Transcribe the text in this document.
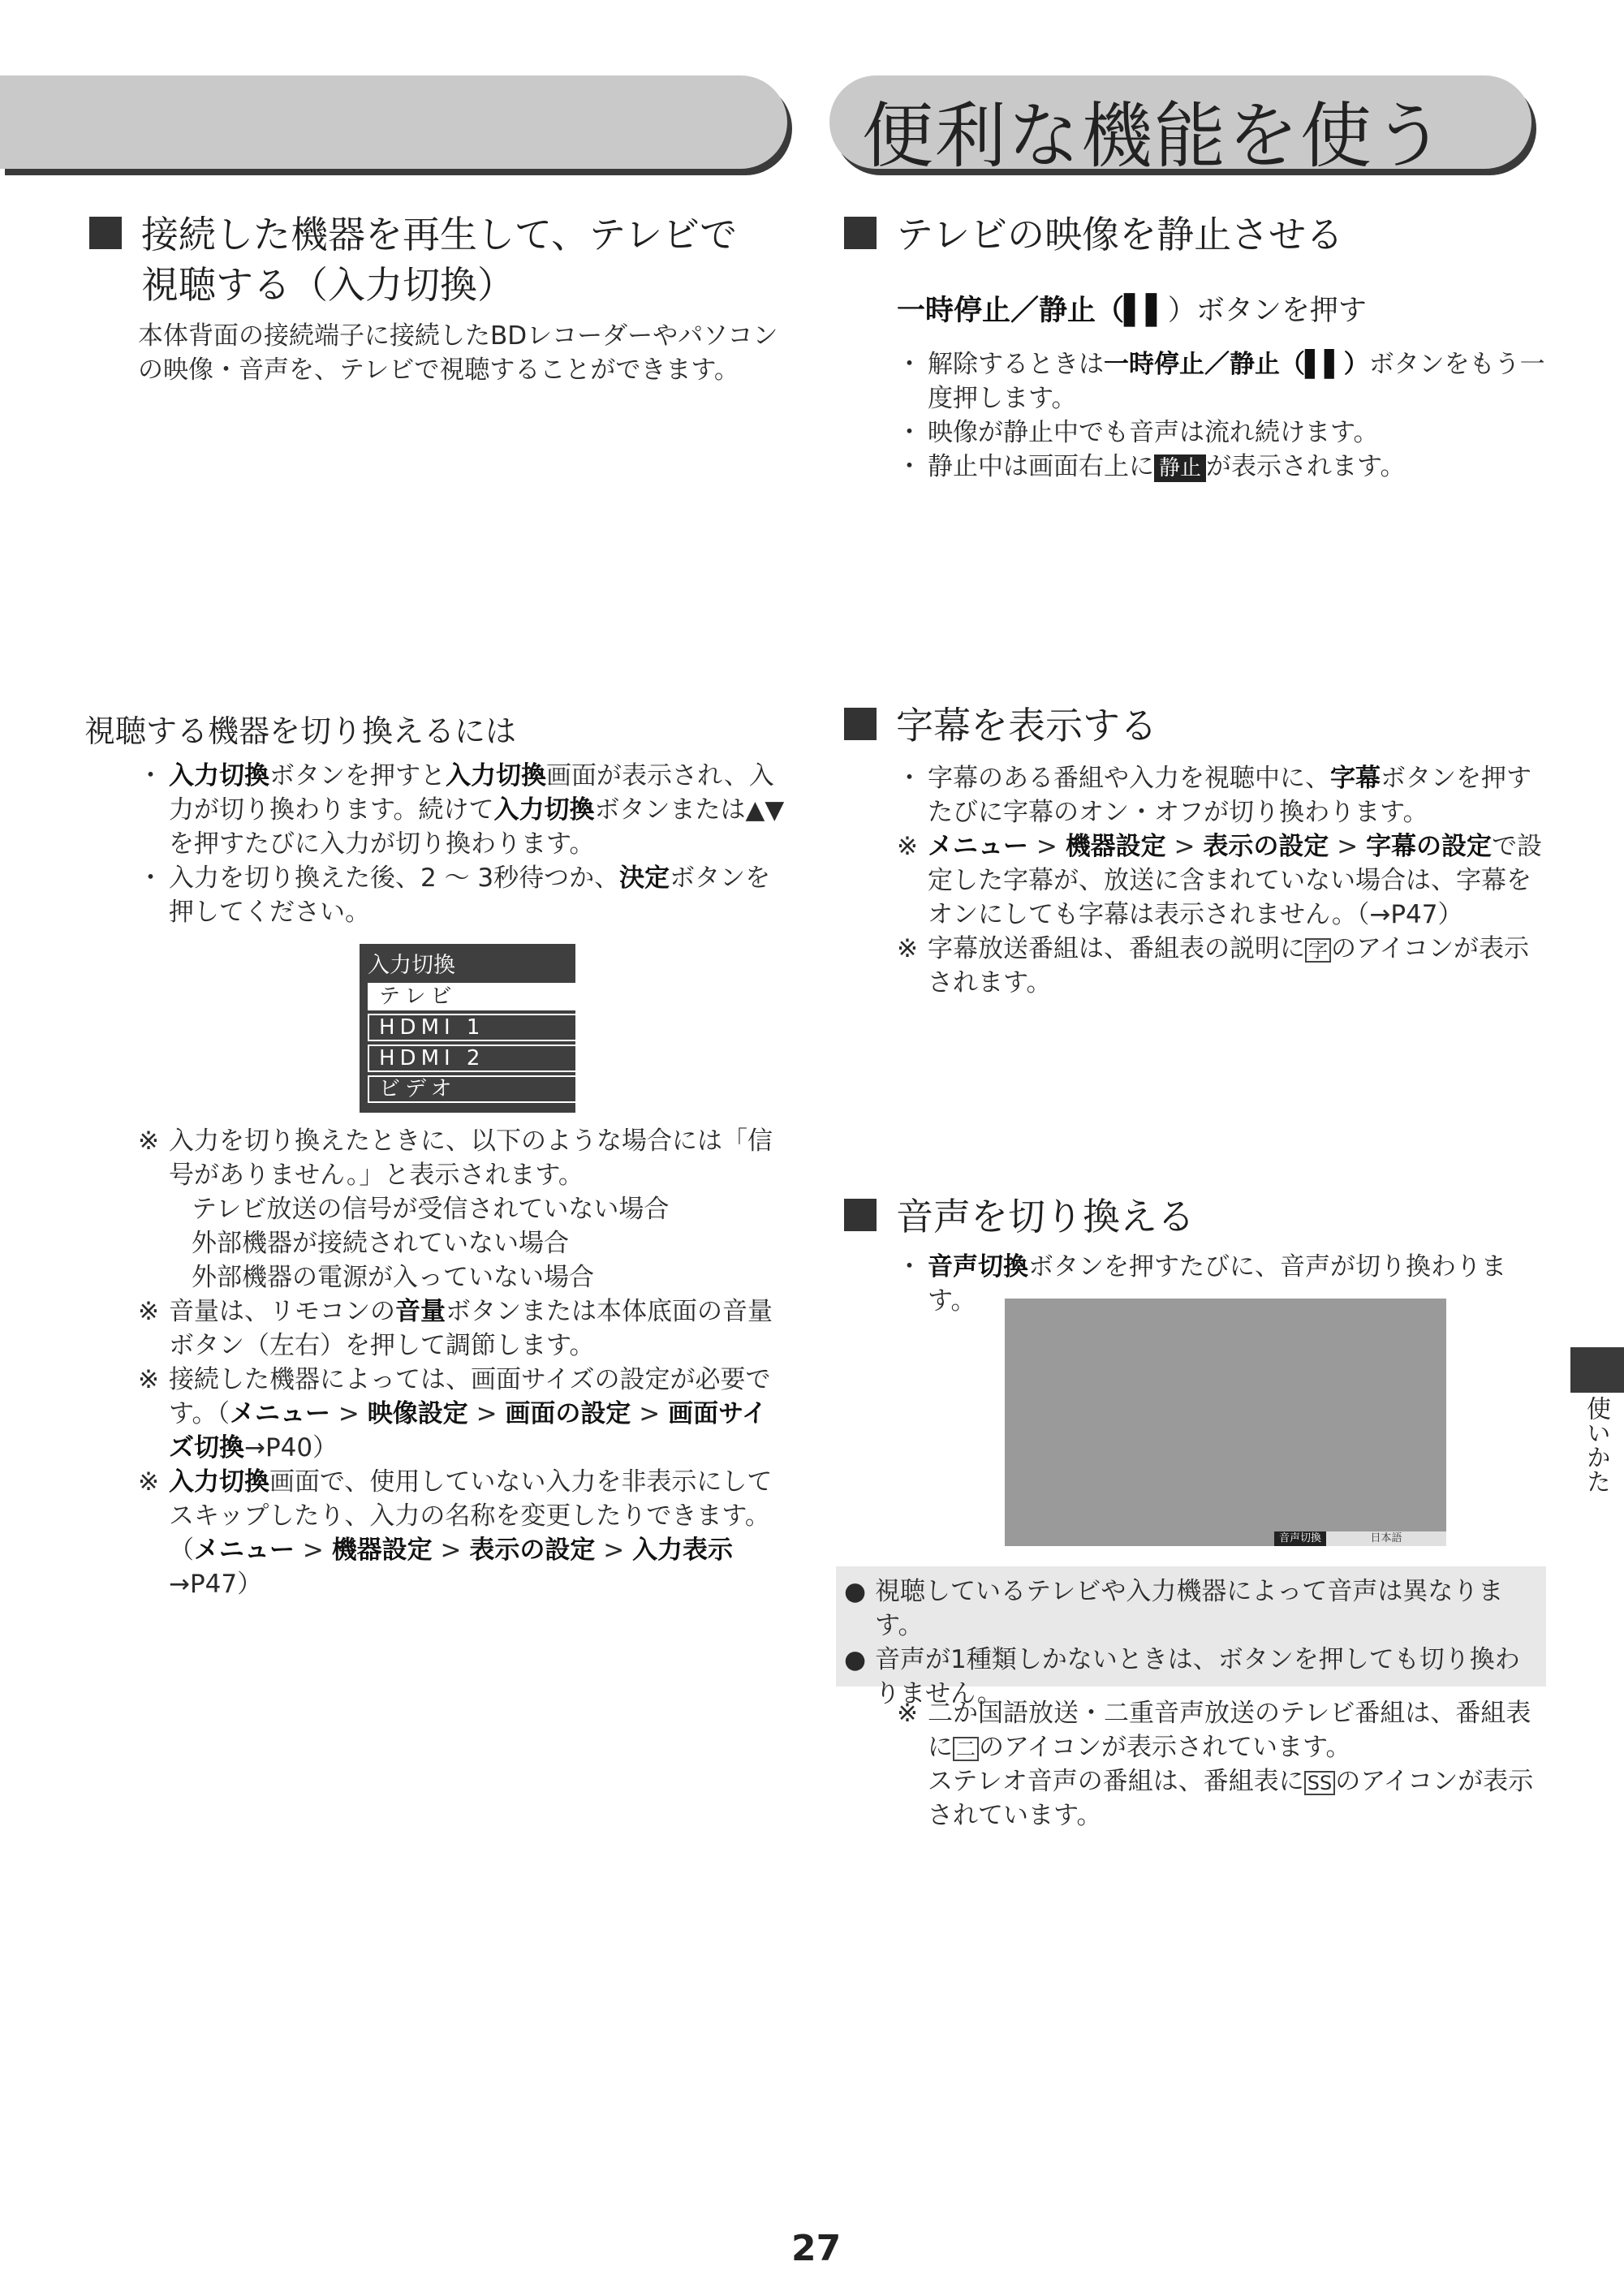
便利な機能を使う
接続した機器を再生して、テレビで
視聴する（入力切換）
本体背面の接続端子に接続したBDレコーダーやパソコン
の映像・音声を、テレビで視聴することができます。
視聴する機器を切り換えるには
・ 入力切換ボタンを押すと入力切換画面が表示され、入力が切り換わります。続けて入力切換ボタンまたは▲▼を押すたびに入力が切り換わります。
・ 入力を切り換えた後、2 ～ 3秒待つか、決定ボタンを押してください。
入力切換
テレビ
HDMI 1
HDMI 2
ビデオ
※ 入力を切り換えたときに、以下のような場合には「信号がありません。」と表示されます。
テレビ放送の信号が受信されていない場合
外部機器が接続されていない場合
外部機器の電源が入っていない場合
※ 音量は、リモコンの音量ボタンまたは本体底面の音量ボタン（左右）を押して調節します。
※ 接続した機器によっては、画面サイズの設定が必要です。（メニュー > 映像設定 > 画面の設定 > 画面サイズ切換→P40）
※ 入力切換画面で、使用していない入力を非表示にしてスキップしたり、入力の名称を変更したりできます。（メニュー > 機器設定 > 表示の設定 > 入力表示→P47）
テレビの映像を静止させる
一時停止／静止（▌▌）ボタンを押す
・ 解除するときは一時停止／静止（▌▌）ボタンをもう一度押します。
・ 映像が静止中でも音声は流れ続けます。
・ 静止中は画面右上に 静止 が表示されます。
字幕を表示する
・ 字幕のある番組や入力を視聴中に、字幕ボタンを押すたびに字幕のオン・オフが切り換わります。
※ メニュー > 機器設定 > 表示の設定 > 字幕の設定で設定した字幕が、放送に含まれていない場合は、字幕をオンにしても字幕は表示されません。（→P47）
※ 字幕放送番組は、番組表の説明に 字 のアイコンが表示されます。
音声を切り換える
・ 音声切換ボタンを押すたびに、音声が切り換わります。
音声切換	日本語
● 視聴しているテレビや入力機器によって音声は異なります。
● 音声が1種類しかないときは、ボタンを押しても切り換わりません。
※ 二か国語放送・二重音声放送のテレビ番組は、番組表に 二 のアイコンが表示されています。
ステレオ音声の番組は、番組表に SS のアイコンが表示されています。
使いかた
27
